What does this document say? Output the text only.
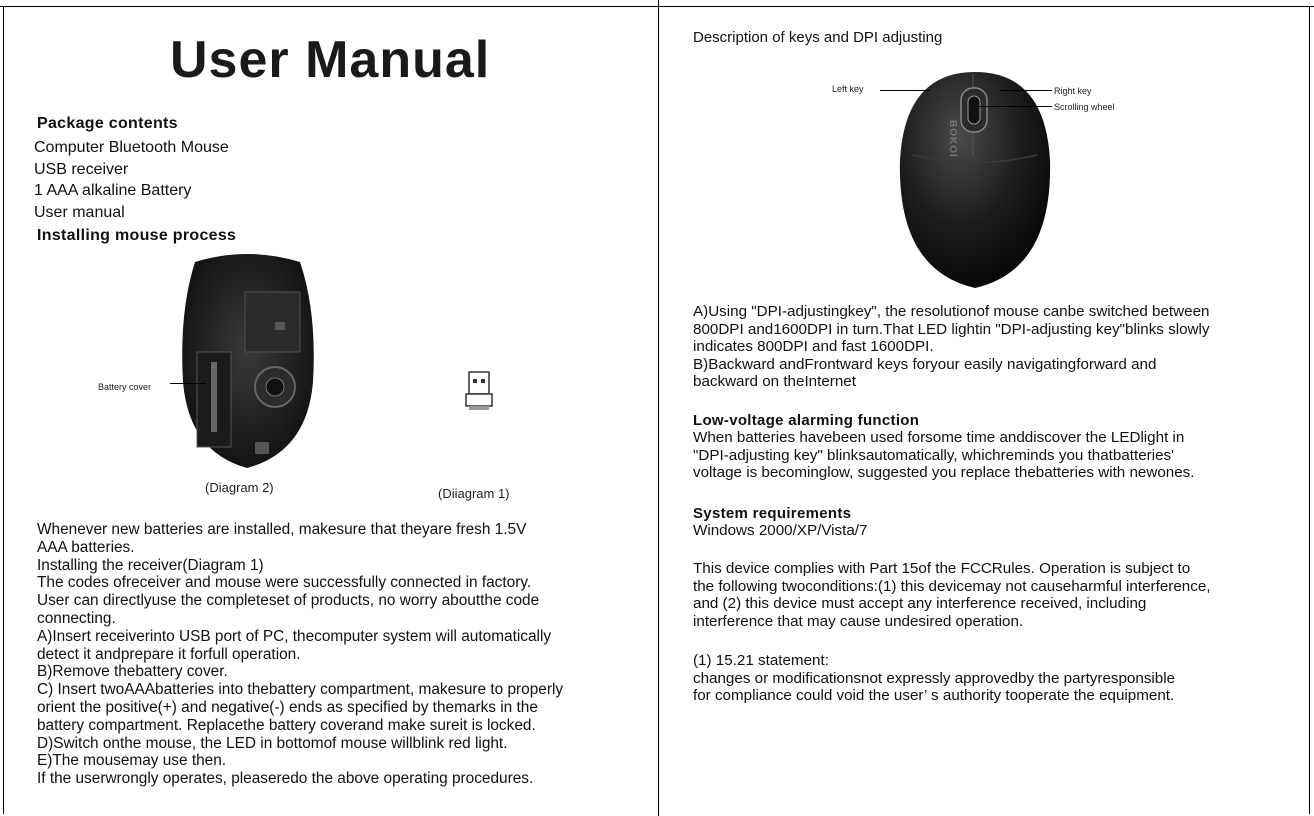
User Manual

Package contents

Computer Bluetooth Mouse

USB receiver

1 AAA alkaline Battery

User manual

Installing mouse process

Battery cover
(Diagram 2)	(Diiagram 1)

Whenever new batteries are installed, makesure that theyare fresh 1.5V

AAA batteries.

Installing the receiver(Diagram 1)

The codes ofreceiver and mouse were successfully connected in factory.

User can directlyuse the completeset of products, no worry aboutthe code

connecting.

A)Insert receiverinto USB port of PC, thecomputer system will automatically

detect it andprepare it forfull operation.

B)Remove thebattery cover.

C) Insert twoAAAbatteries into thebattery compartment, makesure to properly

orient the positive(+) and negative(-) ends as specified by themarks in the

battery compartment. Replacethe battery coverand make sureit is locked.

D)Switch onthe mouse, the LED in bottomof mouse willblink red light.

E)The mousemay use then.

If the userwrongly operates, pleaseredo the above operating procedures.

Description of keys and DPI adjusting

BOKOI
Left key	Right key
Scrolling wheel

A)Using "DPI-adjustingkey", the resolutionof mouse canbe switched between

800DPI and1600DPI in turn.That LED lightin "DPI-adjusting key"blinks slowly

indicates 800DPI and fast 1600DPI.

B)Backward andFrontward keys foryour easily navigatingforward and

backward on theInternet

Low-voltage alarming function

When batteries havebeen used forsome time anddiscover the LEDlight in

"DPI-adjusting key" blinksautomatically, whichreminds you thatbatteries'

voltage is becominglow, suggested you replace thebatteries with newones.

System requirements

Windows 2000/XP/Vista/7

This device complies with Part 15of the FCCRules. Operation is subject to

the following twoconditions:(1) this devicemay not causeharmful interference,

and (2) this device must accept any interference received, including

interference that may cause undesired operation.

(1) 15.21 statement:

changes or modificationsnot expressly approvedby the partyresponsible

for compliance could void the user’ s authority tooperate the equipment.
